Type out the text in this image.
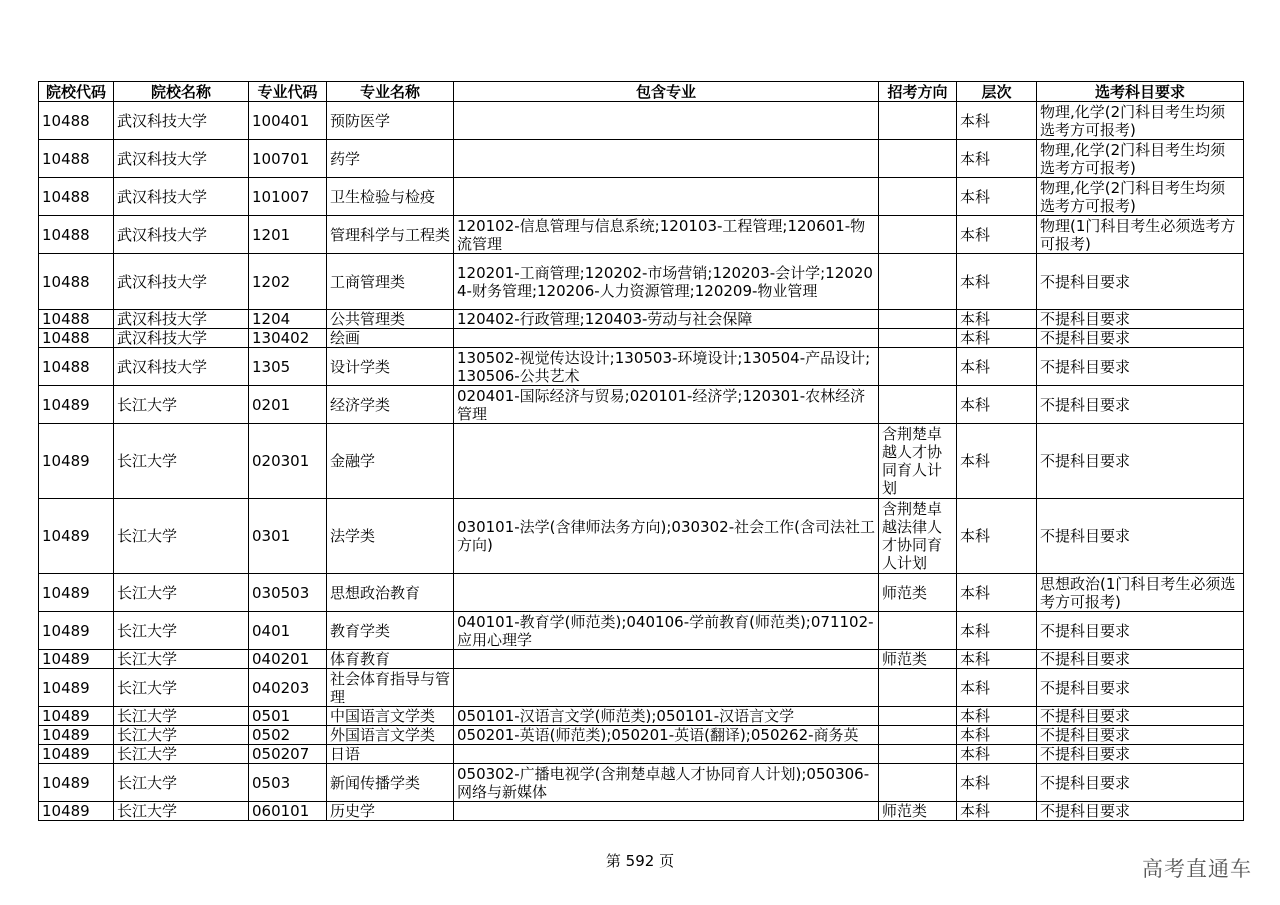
院校代码	院校名称	专业代码	专业名称	包含专业	招考方向	层次	选考科目要求
10488	武汉科技大学	100401	预防医学			本科	物理,化学(2门科目考生均须选考方可报考)
10488	武汉科技大学	100701	药学			本科	物理,化学(2门科目考生均须选考方可报考)
10488	武汉科技大学	101007	卫生检验与检疫			本科	物理,化学(2门科目考生均须选考方可报考)
10488	武汉科技大学	1201	管理科学与工程类	120102-信息管理与信息系统;120103-工程管理;120601-物流管理		本科	物理(1门科目考生必须选考方可报考)
10488	武汉科技大学	1202	工商管理类	120201-工商管理;120202-市场营销;120203-会计学;120204-财务管理;120206-人力资源管理;120209-物业管理		本科	不提科目要求
10488	武汉科技大学	1204	公共管理类	120402-行政管理;120403-劳动与社会保障		本科	不提科目要求
10488	武汉科技大学	130402	绘画			本科	不提科目要求
10488	武汉科技大学	1305	设计学类	130502-视觉传达设计;130503-环境设计;130504-产品设计;130506-公共艺术		本科	不提科目要求
10489	长江大学	0201	经济学类	020401-国际经济与贸易;020101-经济学;120301-农林经济管理		本科	不提科目要求
10489	长江大学	020301	金融学		含荆楚卓越人才协同育人计划	本科	不提科目要求
10489	长江大学	0301	法学类	030101-法学(含律师法务方向);030302-社会工作(含司法社工方向)	含荆楚卓越法律人才协同育人计划	本科	不提科目要求
10489	长江大学	030503	思想政治教育		师范类	本科	思想政治(1门科目考生必须选考方可报考)
10489	长江大学	0401	教育学类	040101-教育学(师范类);040106-学前教育(师范类);071102-应用心理学		本科	不提科目要求
10489	长江大学	040201	体育教育		师范类	本科	不提科目要求
10489	长江大学	040203	社会体育指导与管理			本科	不提科目要求
10489	长江大学	0501	中国语言文学类	050101-汉语言文学(师范类);050101-汉语言文学		本科	不提科目要求
10489	长江大学	0502	外国语言文学类	050201-英语(师范类);050201-英语(翻译);050262-商务英		本科	不提科目要求
10489	长江大学	050207	日语			本科	不提科目要求
10489	长江大学	0503	新闻传播学类	050302-广播电视学(含荆楚卓越人才协同育人计划);050306-网络与新媒体		本科	不提科目要求
10489	长江大学	060101	历史学		师范类	本科	不提科目要求
第 592 页	高考直通车
